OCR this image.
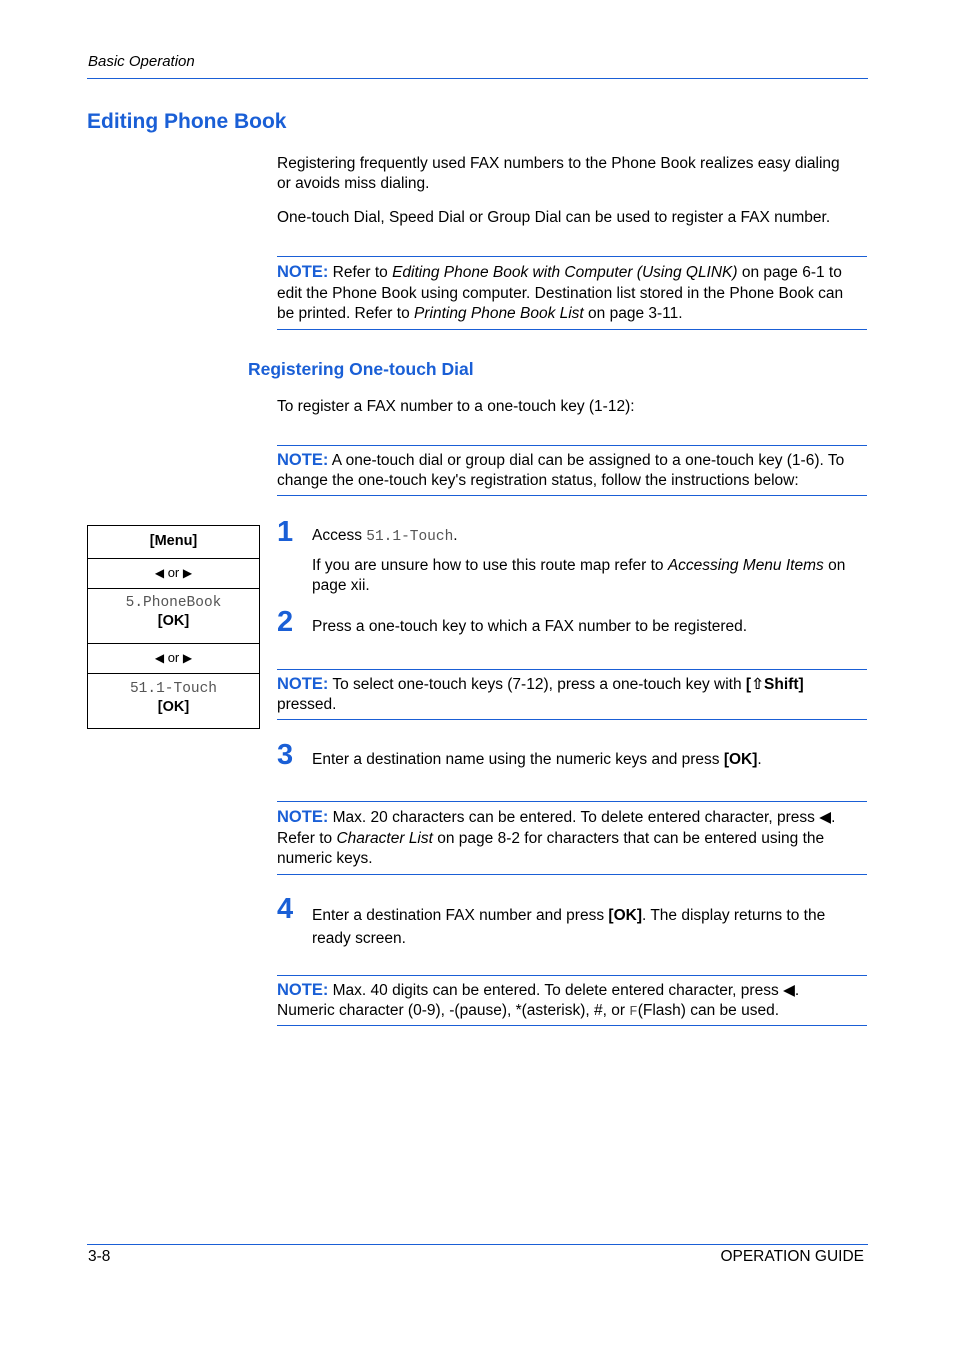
Basic Operation
Editing Phone Book
Registering frequently used FAX numbers to the Phone Book realizes easy dialing
or avoids miss dialing.
One-touch Dial, Speed Dial or Group Dial can be used to register a FAX number.
NOTE: Refer to Editing Phone Book with Computer (Using QLINK) on page 6-1 to
edit the Phone Book using computer. Destination list stored in the Phone Book can
be printed. Refer to Printing Phone Book List on page 3-11.
Registering One-touch Dial
To register a FAX number to a one-touch key (1-12):
NOTE: A one-touch dial or group dial can be assigned to a one-touch key (1-6). To
change the one-touch key's registration status, follow the instructions below:
[Menu]
◀ or ▶
5.PhoneBook
[OK]
◀ or ▶
51.1-Touch
[OK]
1 Access 51.1-Touch.
If you are unsure how to use this route map refer to Accessing Menu Items on
page xii.
2 Press a one-touch key to which a FAX number to be registered.
NOTE: To select one-touch keys (7-12), press a one-touch key with [⇧Shift]
pressed.
3 Enter a destination name using the numeric keys and press [OK].
NOTE: Max. 20 characters can be entered. To delete entered character, press ◀.
Refer to Character List on page 8-2 for characters that can be entered using the
numeric keys.
4 Enter a destination FAX number and press [OK]. The display returns to the
ready screen.
NOTE: Max. 40 digits can be entered. To delete entered character, press ◀.
Numeric character (0-9), -(pause), *(asterisk), #, or F(Flash) can be used.
3-8	OPERATION GUIDE
